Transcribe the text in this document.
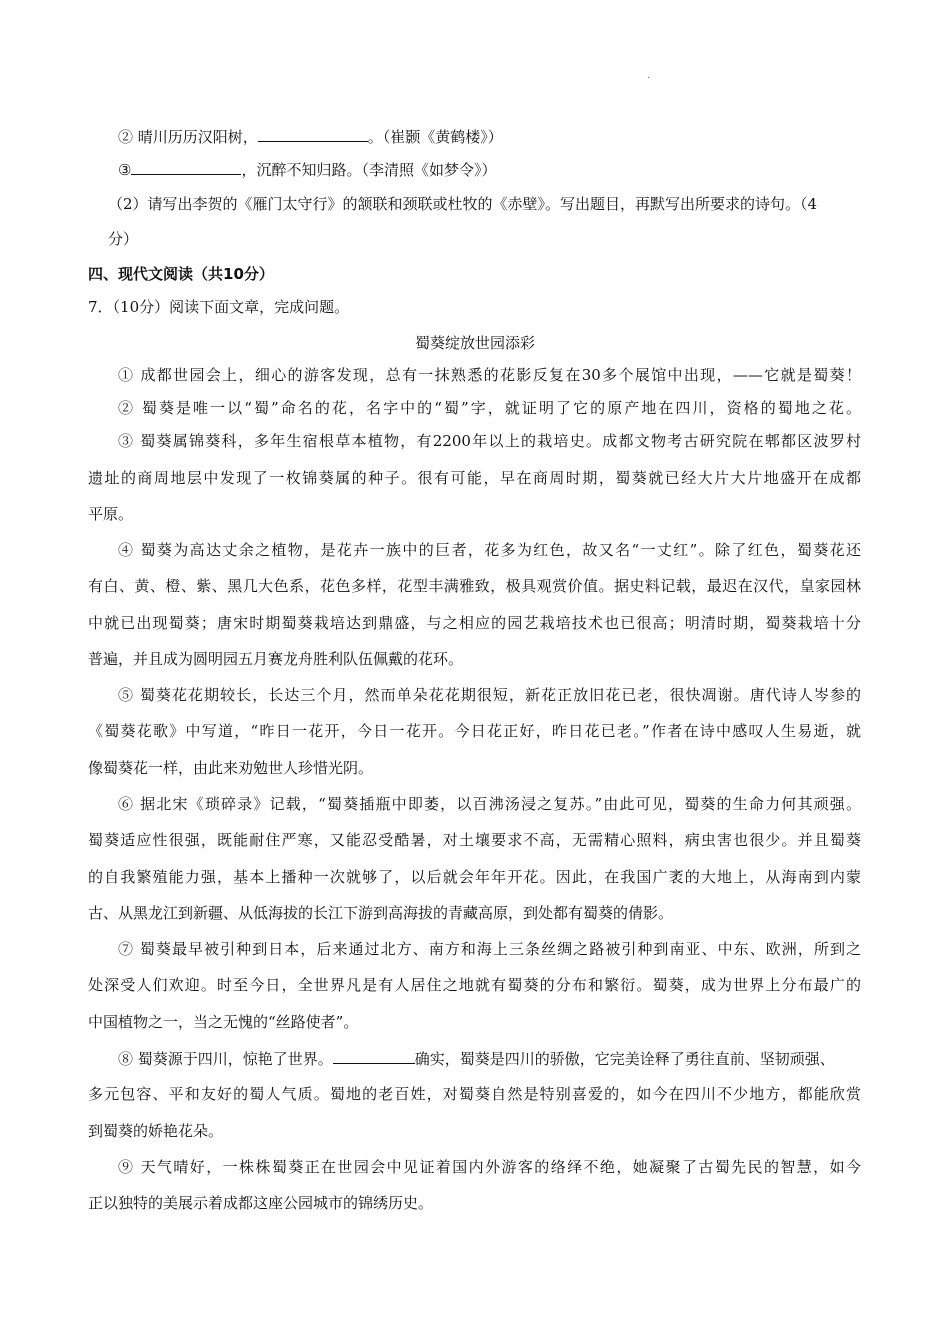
.
② 晴川历历汉阳树，	。（崔颢《黄鹤楼》）
③	，沉醉不知归路。（李清照《如梦令》）
（2）请写出李贺的《雁门太守行》的颔联和颈联或杜牧的《赤壁》。写出题目，再默写出所要求的诗句。（4
分）
四、现代文阅读（共10分）
7．（10分）阅读下面文章，完成问题。
蜀葵绽放世园添彩
① 成都世园会上，细心的游客发现，总有一抹熟悉的花影反复在30多个展馆中出现，——它就是蜀葵！
② 蜀葵是唯一以“蜀”命名的花，名字中的“蜀”字，就证明了它的原产地在四川，资格的蜀地之花。
③ 蜀葵属锦葵科，多年生宿根草本植物，有2200年以上的栽培史。成都文物考古研究院在郫都区波罗村
遗址的商周地层中发现了一枚锦葵属的种子。很有可能，早在商周时期，蜀葵就已经大片大片地盛开在成都
平原。
④ 蜀葵为高达丈余之植物，是花卉一族中的巨者，花多为红色，故又名“一丈红”。除了红色，蜀葵花还
有白、黄、橙、紫、黑几大色系，花色多样，花型丰满雅致，极具观赏价值。据史料记载，最迟在汉代，皇家园林
中就已出现蜀葵；唐宋时期蜀葵栽培达到鼎盛，与之相应的园艺栽培技术也已很高；明清时期，蜀葵栽培十分
普遍，并且成为圆明园五月赛龙舟胜利队伍佩戴的花环。
⑤ 蜀葵花花期较长，长达三个月，然而单朵花花期很短，新花正放旧花已老，很快凋谢。唐代诗人岑参的
《蜀葵花歌》中写道，“昨日一花开，今日一花开。今日花正好，昨日花已老。”作者在诗中感叹人生易逝，就
像蜀葵花一样，由此来劝勉世人珍惜光阴。
⑥ 据北宋《琐碎录》记载，“蜀葵插瓶中即萎，以百沸汤浸之复苏。”由此可见，蜀葵的生命力何其顽强。
蜀葵适应性很强，既能耐住严寒，又能忍受酷暑，对土壤要求不高，无需精心照料，病虫害也很少。并且蜀葵
的自我繁殖能力强，基本上播种一次就够了，以后就会年年开花。因此，在我国广袤的大地上，从海南到内蒙
古、从黑龙江到新疆、从低海拔的长江下游到高海拔的青藏高原，到处都有蜀葵的倩影。
⑦ 蜀葵最早被引种到日本，后来通过北方、南方和海上三条丝绸之路被引种到南亚、中东、欧洲，所到之
处深受人们欢迎。时至今日，全世界凡是有人居住之地就有蜀葵的分布和繁衍。蜀葵，成为世界上分布最广的
中国植物之一，当之无愧的“丝路使者”。
⑧ 蜀葵源于四川，惊艳了世界。	确实，蜀葵是四川的骄傲，它完美诠释了勇往直前、坚韧顽强、
多元包容、平和友好的蜀人气质。蜀地的老百姓，对蜀葵自然是特别喜爱的，如今在四川不少地方，都能欣赏
到蜀葵的娇艳花朵。
⑨ 天气晴好，一株株蜀葵正在世园会中见证着国内外游客的络绎不绝，她凝聚了古蜀先民的智慧，如今
正以独特的美展示着成都这座公园城市的锦绣历史。
